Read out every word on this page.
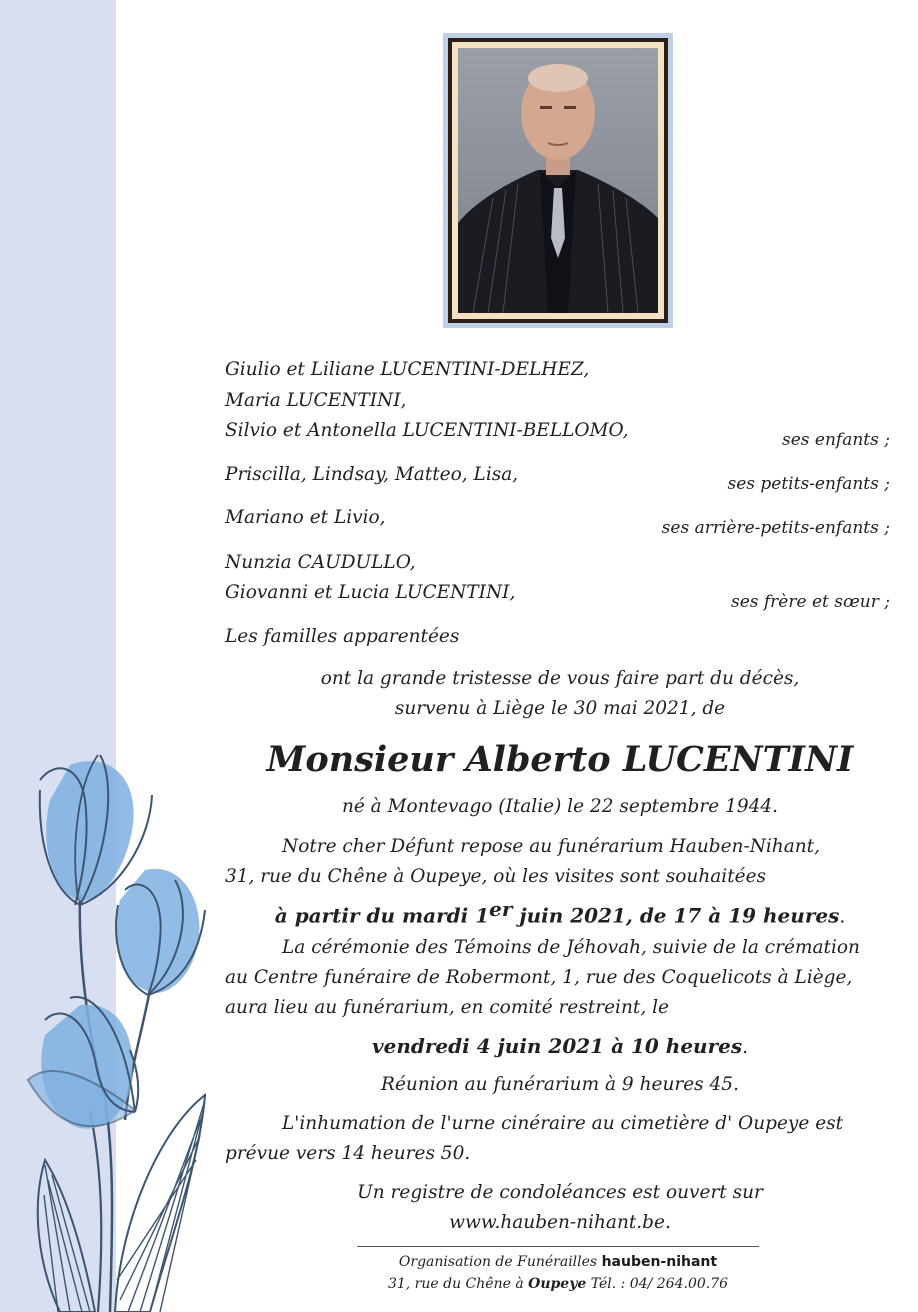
Giulio et Liliane LUCENTINI-DELHEZ,
Maria LUCENTINI,
Silvio et Antonella LUCENTINI-BELLOMO,	ses enfants ;
Priscilla, Lindsay, Matteo, Lisa,	ses petits-enfants ;
Mariano et Livio,	ses arrière-petits-enfants ;
Nunzia CAUDULLO,
Giovanni et Lucia LUCENTINI,	ses frère et sœur ;
Les familles apparentées
ont la grande tristesse de vous faire part du décès,
survenu à Liège le 30 mai 2021, de
Monsieur Alberto LUCENTINI
né à Montevago (Italie) le 22 septembre 1944.
Notre cher Défunt repose au funérarium Hauben-Nihant,
31, rue du Chêne à Oupeye, où les visites sont souhaitées
à partir du mardi 1er juin 2021, de 17 à 19 heures.
La cérémonie des Témoins de Jéhovah, suivie de la crémation
au Centre funéraire de Robermont, 1, rue des Coquelicots à Liège,
aura lieu au funérarium, en comité restreint, le
vendredi 4 juin 2021 à 10 heures.
Réunion au funérarium à 9 heures 45.
L'inhumation de l'urne cinéraire au cimetière d' Oupeye est
prévue vers 14 heures 50.
Un registre de condoléances est ouvert sur
www.hauben-nihant.be.
Organisation de Funérailles hauben-nihant
31, rue du Chêne à Oupeye Tél. : 04/ 264.00.76
